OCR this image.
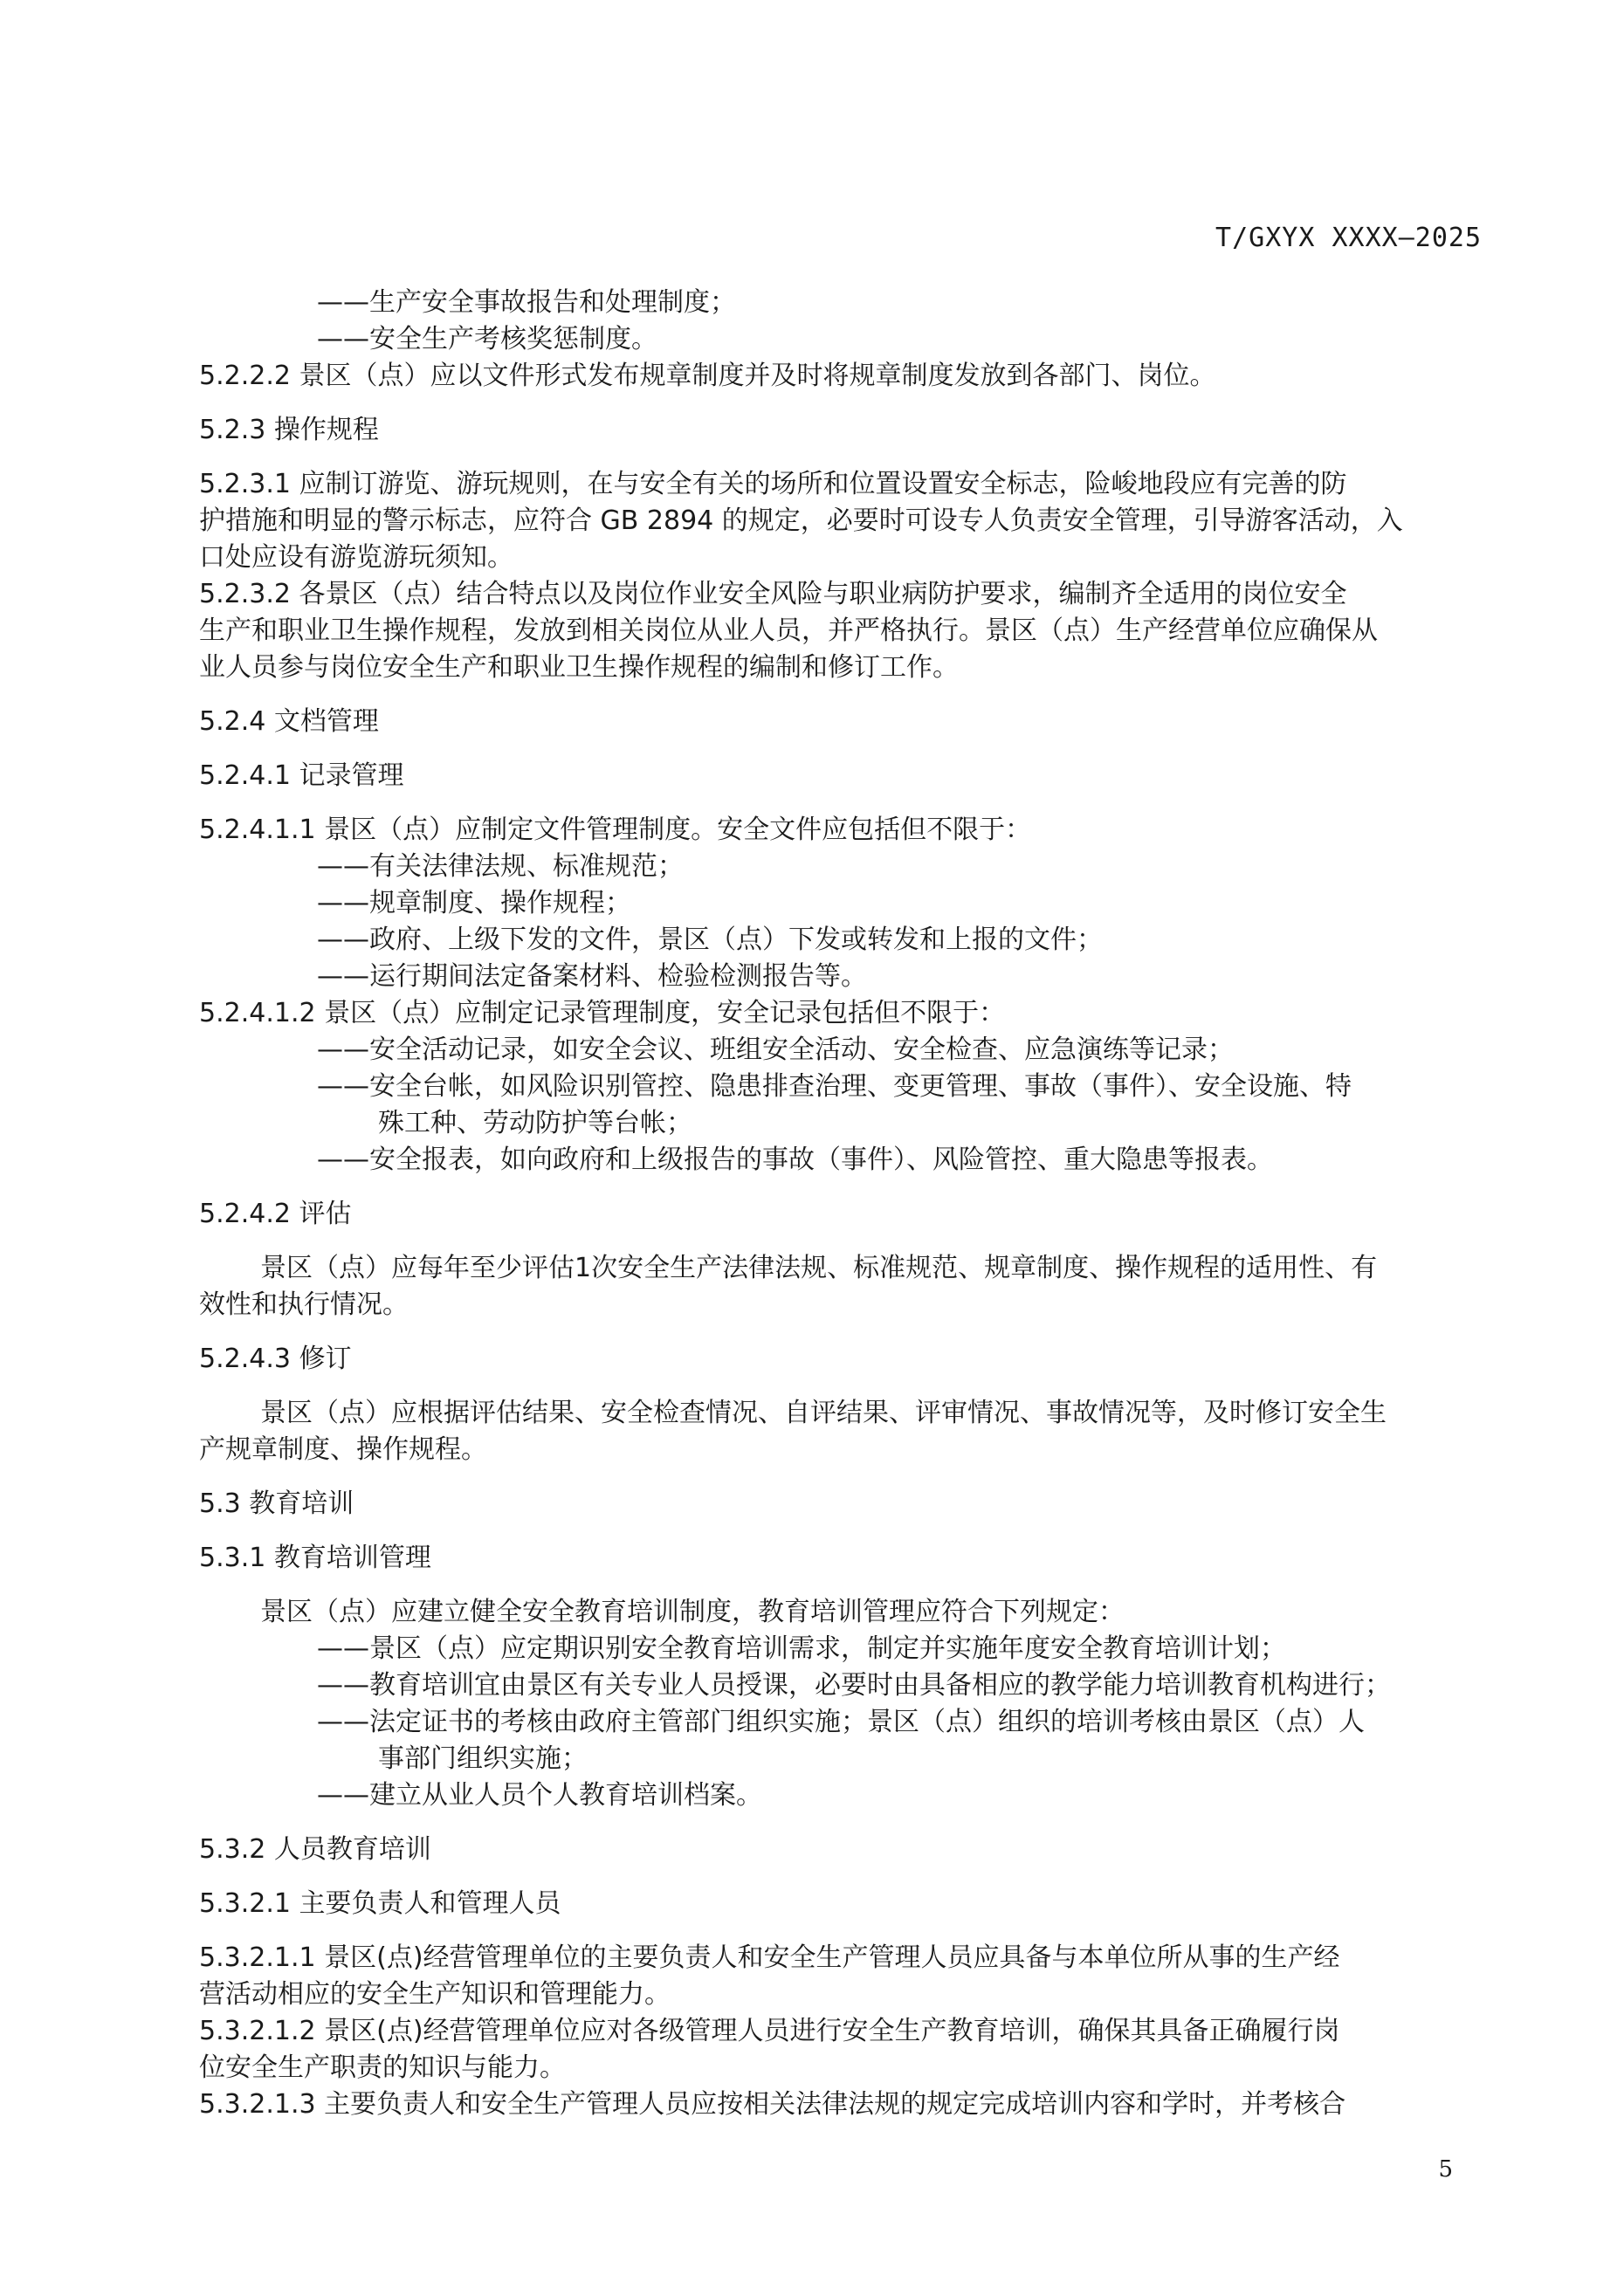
T/GXYX XXXX—2025
——生产安全事故报告和处理制度；
——安全生产考核奖惩制度。
5.2.2.2 景区（点）应以文件形式发布规章制度并及时将规章制度发放到各部门、岗位。
5.2.3 操作规程
5.2.3.1 应制订游览、游玩规则，在与安全有关的场所和位置设置安全标志，险峻地段应有完善的防
护措施和明显的警示标志，应符合 GB 2894 的规定，必要时可设专人负责安全管理，引导游客活动，入
口处应设有游览游玩须知。
5.2.3.2 各景区（点）结合特点以及岗位作业安全风险与职业病防护要求，编制齐全适用的岗位安全
生产和职业卫生操作规程，发放到相关岗位从业人员，并严格执行。景区（点）生产经营单位应确保从
业人员参与岗位安全生产和职业卫生操作规程的编制和修订工作。
5.2.4 文档管理
5.2.4.1 记录管理
5.2.4.1.1 景区（点）应制定文件管理制度。安全文件应包括但不限于：
——有关法律法规、标准规范；
——规章制度、操作规程；
——政府、上级下发的文件，景区（点）下发或转发和上报的文件；
——运行期间法定备案材料、检验检测报告等。
5.2.4.1.2 景区（点）应制定记录管理制度，安全记录包括但不限于：
——安全活动记录，如安全会议、班组安全活动、安全检查、应急演练等记录；
——安全台帐，如风险识别管控、隐患排查治理、变更管理、事故（事件）、安全设施、特
殊工种、劳动防护等台帐；
——安全报表，如向政府和上级报告的事故（事件）、风险管控、重大隐患等报表。
5.2.4.2 评估
景区（点）应每年至少评估1次安全生产法律法规、标准规范、规章制度、操作规程的适用性、有
效性和执行情况。
5.2.4.3 修订
景区（点）应根据评估结果、安全检查情况、自评结果、评审情况、事故情况等，及时修订安全生
产规章制度、操作规程。
5.3 教育培训
5.3.1 教育培训管理
景区（点）应建立健全安全教育培训制度，教育培训管理应符合下列规定：
——景区（点）应定期识别安全教育培训需求，制定并实施年度安全教育培训计划；
——教育培训宜由景区有关专业人员授课，必要时由具备相应的教学能力培训教育机构进行；
——法定证书的考核由政府主管部门组织实施；景区（点）组织的培训考核由景区（点）人
事部门组织实施；
——建立从业人员个人教育培训档案。
5.3.2 人员教育培训
5.3.2.1 主要负责人和管理人员
5.3.2.1.1 景区(点)经营管理单位的主要负责人和安全生产管理人员应具备与本单位所从事的生产经
营活动相应的安全生产知识和管理能力。
5.3.2.1.2 景区(点)经营管理单位应对各级管理人员进行安全生产教育培训，确保其具备正确履行岗
位安全生产职责的知识与能力。
5.3.2.1.3 主要负责人和安全生产管理人员应按相关法律法规的规定完成培训内容和学时，并考核合
5
